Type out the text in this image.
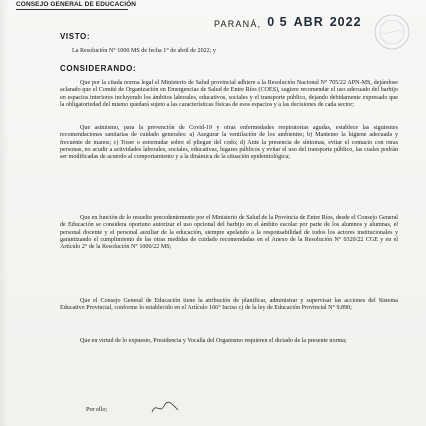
CONSEJO GENERAL DE EDUCACIÓN
PARANÁ, 0 5 ABR 2022
VISTO:
La Resolución N° 1000 MS de fecha 1° de abril de 2022; y
CONSIDERANDO:
Que por la citada norma legal el Ministerio de Salud provincial adhiere a la Resolución Nacional N° 705/22 APN-MS, dejándose aclarado que el Comité de Organización en Emergencias de Salud de Entre Ríos (COES), sugiere recomendar el uso adecuado del barbijo en espacios interiores incluyendo los ámbitos laborales, educativos, sociales y el transporte público, dejando debidamente expresado que la obligatoriedad del mismo quedará sujeto a las características físicas de esos espacios y a las decisiones de cada sector;
Que asimismo, para la prevención de Covid-19 y otras enfermedades respiratorias agudas, establece las siguientes recomendaciones sanitarias de cuidado generales: a) Asegurar la ventilación de los ambientes; b) Mantener la higiene adecuada y frecuente de manos; c) Toser o estornudar sobre el pliegue del codo; d) Ante la presencia de síntomas, evitar el contacto con otras personas, no acudir a actividades laborales, sociales, educativas, lugares públicos y evitar el uso del transporte público, las cuales podrán ser modificadas de acuerdo al comportamiento y a la dinámica de la situación epidemiológica;
Que en función de lo resuelto precedentemente por el Ministerio de Salud de la Provincia de Entre Ríos, desde el Consejo General de Educación se considera oportuno autorizar el uso opcional del barbijo en el ámbito escolar por parte de los alumnos y alumnas, el personal docente y el personal auxiliar de la educación, siempre apelando a la responsabilidad de todos los actores institucionales y garantizando el cumplimiento de las otras medidas de cuidado recomendadas en el Anexo de la Resolución N° 0320/22 CGE y en el Artículo 2° de la Resolución N° 1000/22 MS;
Que el Consejo General de Educación tiene la atribución de planificar, administrar y supervisar las acciones del Sistema Educativo Provincial, conforme lo establecido en el Artículo 166° Inciso c) de la ley de Educación Provincial N° 9.890;
Que en virtud de lo expuesto, Presidencia y Vocalía del Organismo requieren el dictado de la presente norma;
Por ello;
